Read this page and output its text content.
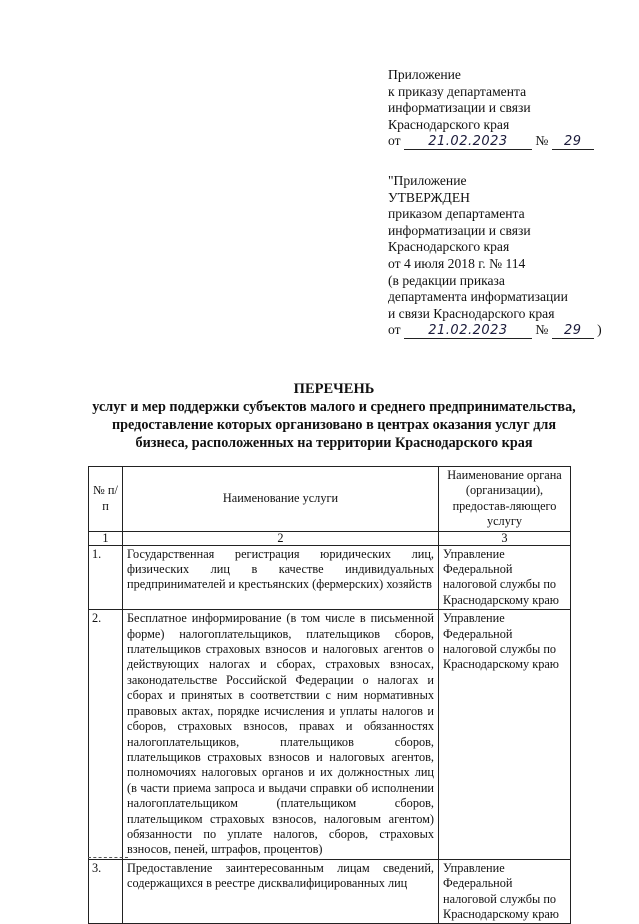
Приложение
к приказу департамента
информатизации и связи
Краснодарского края
от 21.02.2023 № 29
"Приложение
УТВЕРЖДЕН
приказом департамента
информатизации и связи
Краснодарского края
от 4 июля 2018 г. № 114
(в редакции приказа
департамента информатизации
и связи Краснодарского края
от 21.02.2023 № 29 )
ПЕРЕЧЕНЬ
услуг и мер поддержки субъектов малого и среднего предпринимательства,
предоставление которых организовано в центрах оказания услуг для
бизнеса, расположенных на территории Краснодарского края
№ п/п	Наименование услуги	Наименование органа (организации), предостав-ляющего услугу
1	2	3
1.	Государственная регистрация юридических лиц, физических лиц в качестве индивидуальных предпринимателей и крестьянских (фермерских) хозяйств	Управление Федеральной налоговой службы по Краснодарскому краю
2.	Бесплатное информирование (в том числе в письменной форме) налогоплательщиков, плательщиков сборов, плательщиков страховых взносов и налоговых агентов о действующих налогах и сборах, страховых взносах, законодательстве Российской Федерации о налогах и сборах и принятых в соответствии с ним нормативных правовых актах, порядке исчисления и уплаты налогов и сборов, страховых взносов, правах и обязанностях налогоплательщиков, плательщиков сборов, плательщиков страховых взносов и налоговых агентов, полномочиях налоговых органов и их должностных лиц (в части приема запроса и выдачи справки об исполнении налогоплательщиком (плательщиком сборов, плательщиком страховых взносов, налоговым агентом) обязанности по уплате налогов, сборов, страховых взносов, пеней, штрафов, процентов)	Управление Федеральной налоговой службы по Краснодарскому краю
3.	Предоставление заинтересованным лицам сведений, содержащихся в реестре дисквалифицированных лиц	Управление Федеральной налоговой службы по Краснодарскому краю
